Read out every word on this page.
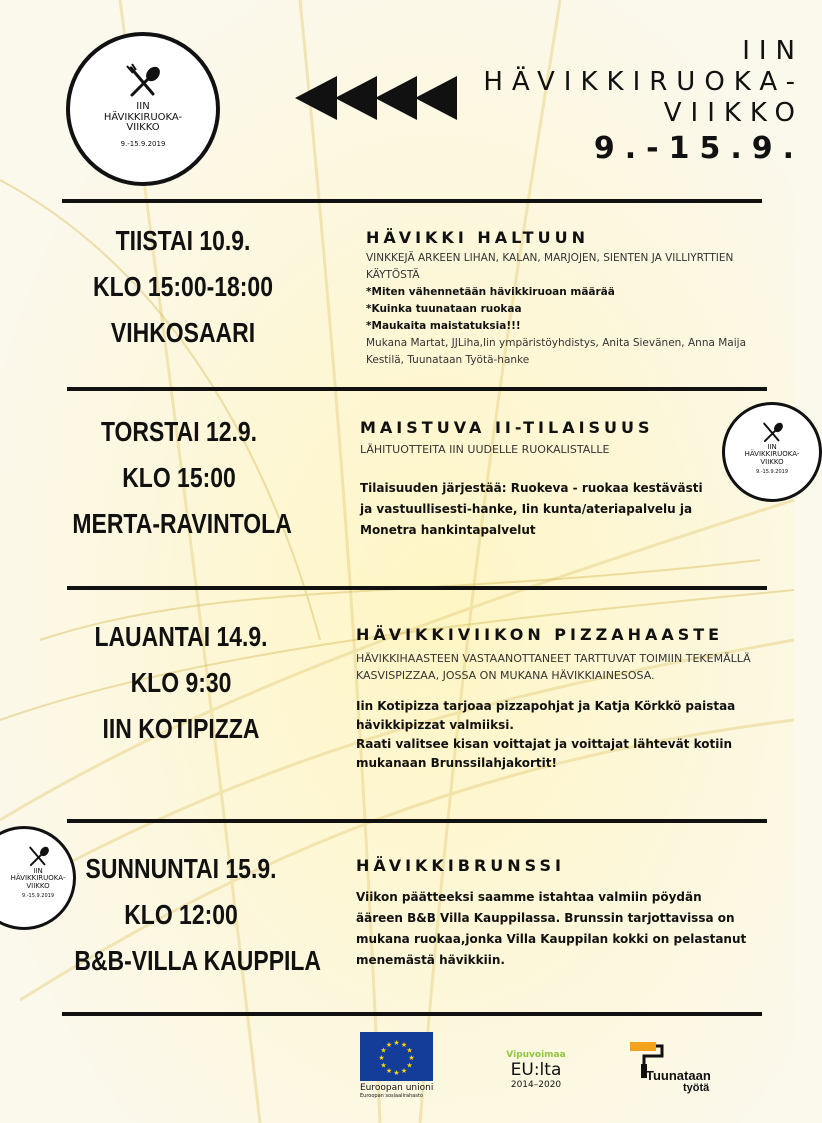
IIN
HÄVIKKIRUOKA-
VIIKKO
9.-15.9.2019
IIN
HÄVIKKIRUOKA-
VIIKKO
9.-15.9.
TIISTAI 10.9.
KLO 15:00-18:00
VIHKOSAARI
HÄVIKKI HALTUUN
VINKKEJÄ ARKEEN LIHAN, KALAN, MARJOJEN, SIENTEN JA VILLIYRTTIEN KÄYTÖSTÄ
*Miten vähennetään hävikkiruoan määrää
*Kuinka tuunataan ruokaa
*Maukaita maistatuksia!!!
Mukana Martat, JJLiha,Iin ympäristöyhdistys, Anita Sievänen, Anna Maija Kestilä, Tuunataan Työtä-hanke
TORSTAI 12.9.
KLO 15:00
MERTA-RAVINTOLA
MAISTUVA II-TILAISUUS
LÄHITUOTTEITA IIN UUDELLE RUOKALISTALLE
Tilaisuuden järjestää: Ruokeva - ruokaa kestävästi ja vastuullisesti-hanke, Iin kunta/ateriapalvelu ja Monetra hankintapalvelut
IIN
HÄVIKKIRUOKA-
VIIKKO
9.-15.9.2019
LAUANTAI 14.9.
KLO 9:30
IIN KOTIPIZZA
HÄVIKKIVIIKON PIZZAHAASTE
HÄVIKKIHAASTEEN VASTAANOTTANEET TARTTUVAT TOIMIIN TEKEMÄLLÄ KASVISPIZZAA, JOSSA ON MUKANA HÄVIKKIAINESOSA.
Iin Kotipizza tarjoaa pizzapohjat ja Katja Körkkö paistaa hävikkipizzat valmiiksi.
Raati valitsee kisan voittajat ja voittajat lähtevät kotiin mukanaan Brunssilahjakortit!
IIN
HÄVIKKIRUOKA-
VIIKKO
9.-15.9.2019
SUNNUNTAI 15.9.
KLO 12:00
B&B-VILLA KAUPPILA
HÄVIKKIBRUNSSI
Viikon päätteeksi saamme istahtaa valmiin pöydän ääreen B&B Villa Kauppilassa. Brunssin tarjottavissa on mukana ruokaa,jonka Villa Kauppilan kokki on pelastanut menemästä hävikkiin.
★ ★
★
★
★
★
★
★
★
★
★
★
Euroopan unioni
Euroopan sosiaalirahasto
Vipuvoimaa
EU:lta
2014–2020
Tuunataan
työtä
